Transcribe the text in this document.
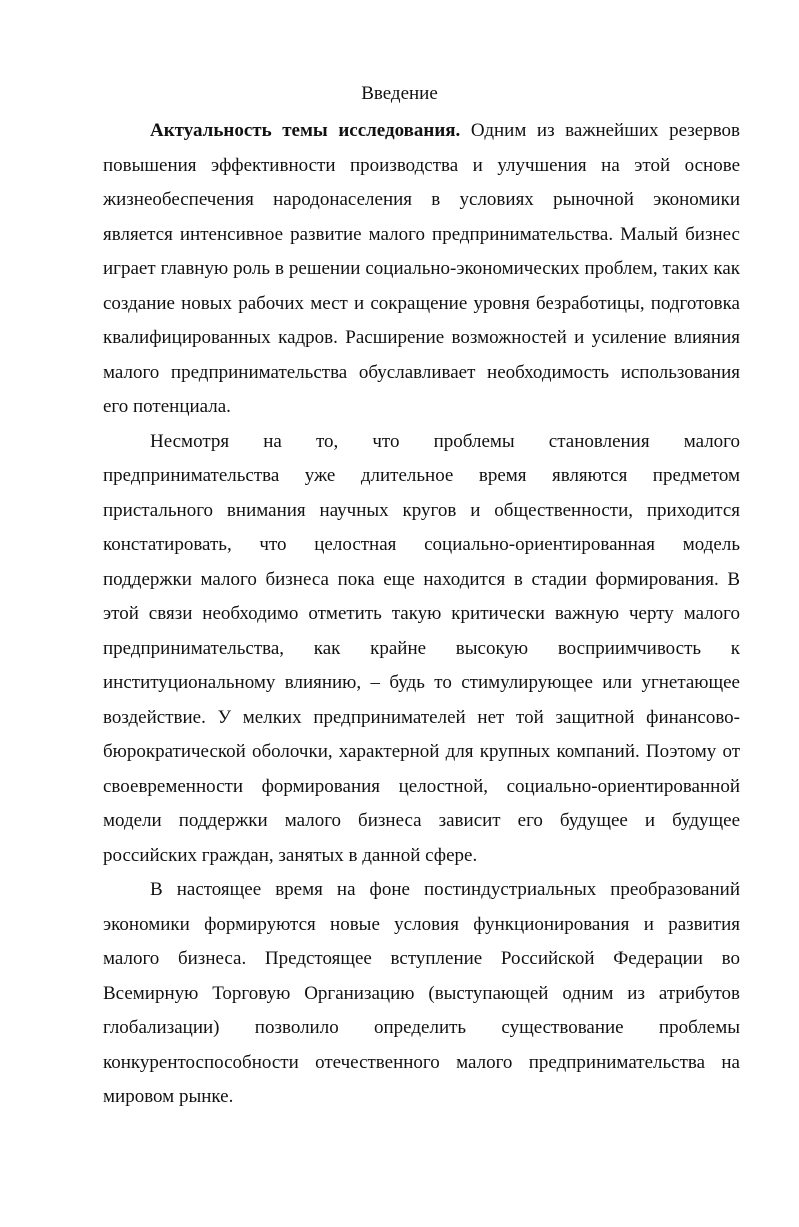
Введение

Актуальность темы исследования. Одним из важнейших резервов повышения эффективности производства и улучшения на этой основе жизнеобеспечения народонаселения в условиях рыночной экономики является интенсивное развитие малого предпринимательства. Малый бизнес играет главную роль в решении социально-экономических проблем, таких как создание новых рабочих мест и сокращение уровня безработицы, подготовка квалифицированных кадров. Расширение возможностей и усиление влияния малого предпринимательства обуславливает необходимость использования его потенциала.

Несмотря на то, что проблемы становления малого предпринимательства уже длительное время являются предметом пристального внимания научных кругов и общественности, приходится констатировать, что целостная социально-ориентированная модель поддержки малого бизнеса пока еще находится в стадии формирования. В этой связи необходимо отметить такую критически важную черту малого предпринимательства, как крайне высокую восприимчивость к институциональному влиянию, – будь то стимулирующее или угнетающее воздействие. У мелких предпринимателей нет той защитной финансово-бюрократической оболочки, характерной для крупных компаний. Поэтому от своевременности формирования целостной, социально-ориентированной модели поддержки малого бизнеса зависит его будущее и будущее российских граждан, занятых в данной сфере.

В настоящее время на фоне постиндустриальных преобразований экономики формируются новые условия функционирования и развития малого бизнеса. Предстоящее вступление Российской Федерации во Всемирную Торговую Организацию (выступающей одним из атрибутов глобализации) позволило определить существование проблемы конкурентоспособности отечественного малого предпринимательства на мировом рынке.
